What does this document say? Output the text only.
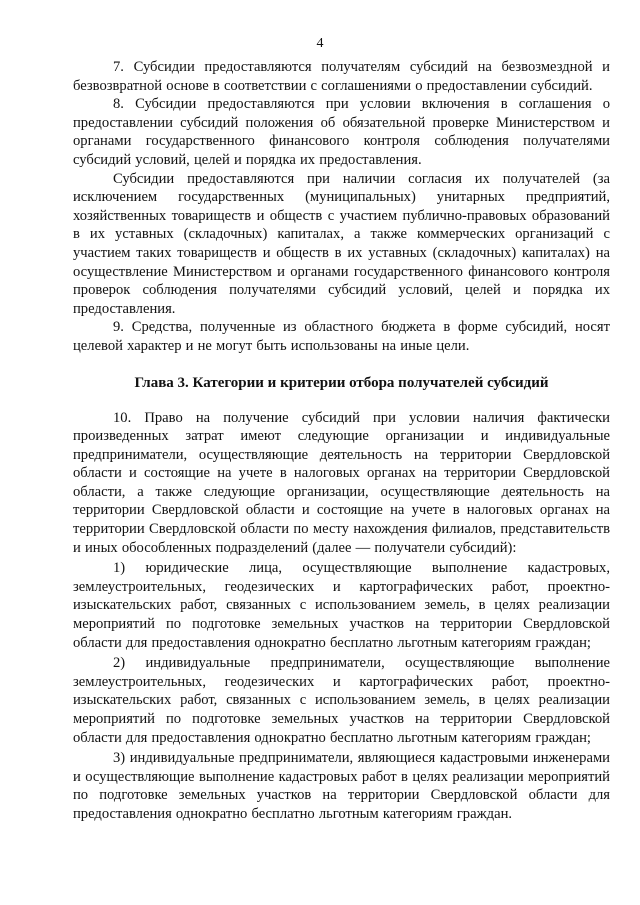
4

7. Субсидии предоставляются получателям субсидий на безвозмездной и безвозвратной основе в соответствии с соглашениями о предоставлении субсидий.

8. Субсидии предоставляются при условии включения в соглашения о предоставлении субсидий положения об обязательной проверке Министерством и органами государственного финансового контроля соблюдения получателями субсидий условий, целей и порядка их предоставления.

Субсидии предоставляются при наличии согласия их получателей (за исключением государственных (муниципальных) унитарных предприятий, хозяйственных товариществ и обществ с участием публично-правовых образований в их уставных (складочных) капиталах, а также коммерческих организаций с участием таких товариществ и обществ в их уставных (складочных) капиталах) на осуществление Министерством и органами государственного финансового контроля проверок соблюдения получателями субсидий условий, целей и порядка их предоставления.

9. Средства, полученные из областного бюджета в форме субсидий, носят целевой характер и не могут быть использованы на иные цели.

Глава 3. Категории и критерии отбора получателей субсидий

10. Право на получение субсидий при условии наличия фактически произведенных затрат имеют следующие организации и индивидуальные предприниматели, осуществляющие деятельность на территории Свердловской области и состоящие на учете в налоговых органах на территории Свердловской области, а также следующие организации, осуществляющие деятельность на территории Свердловской области и состоящие на учете в налоговых органах на территории Свердловской области по месту нахождения филиалов, представительств и иных обособленных подразделений (далее — получатели субсидий):

1) юридические лица, осуществляющие выполнение кадастровых, землеустроительных, геодезических и картографических работ, проектно-изыскательских работ, связанных с использованием земель, в целях реализации мероприятий по подготовке земельных участков на территории Свердловской области для предоставления однократно бесплатно льготным категориям граждан;

2) индивидуальные предприниматели, осуществляющие выполнение землеустроительных, геодезических и картографических работ, проектно-изыскательских работ, связанных с использованием земель, в целях реализации мероприятий по подготовке земельных участков на территории Свердловской области для предоставления однократно бесплатно льготным категориям граждан;

3) индивидуальные предприниматели, являющиеся кадастровыми инженерами и осуществляющие выполнение кадастровых работ в целях реализации мероприятий по подготовке земельных участков на территории Свердловской области для предоставления однократно бесплатно льготным категориям граждан.
